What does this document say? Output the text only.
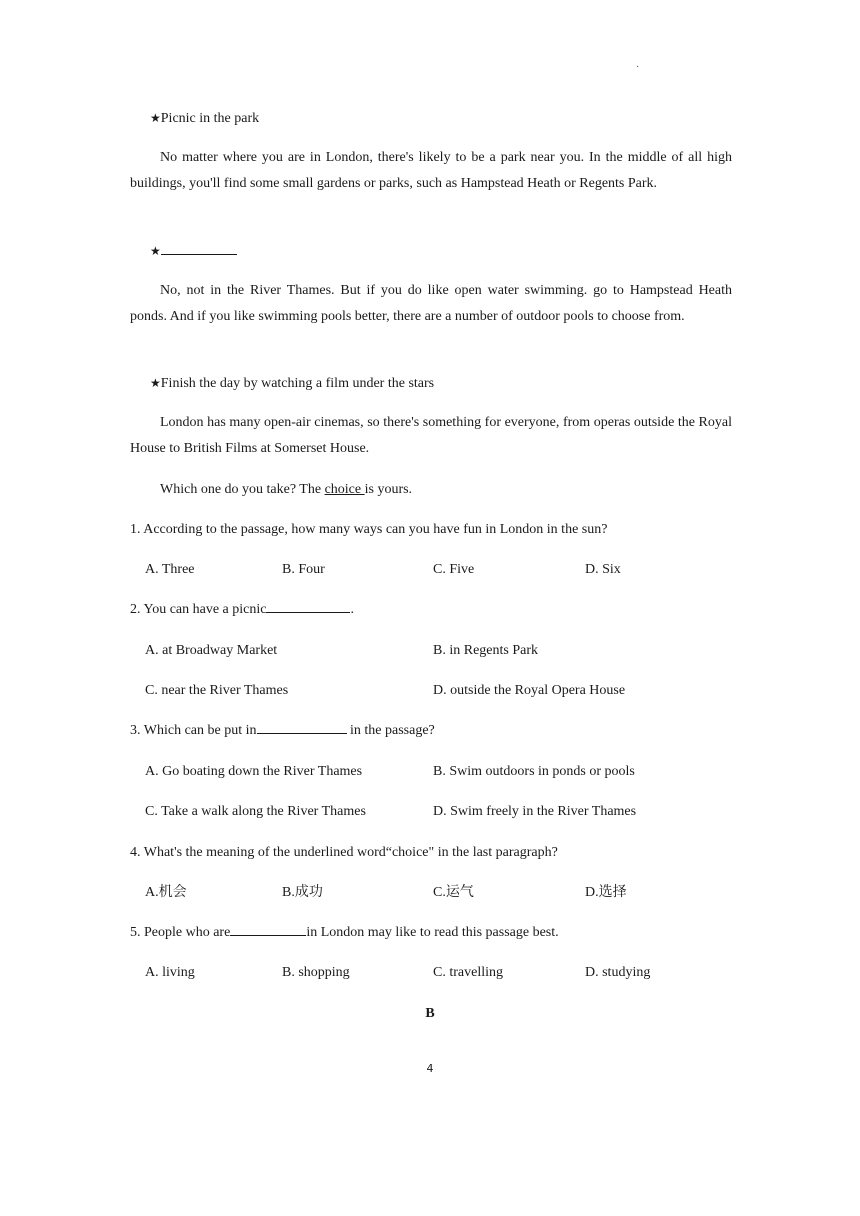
·
★Picnic in the park
No matter where you are in London, there's likely to be a park near you. In the middle of all high buildings, you'll find some small gardens or parks, such as Hampstead Heath or Regents Park.
★
No, not in the River Thames. But if you do like open water swimming. go to Hampstead Heath ponds. And if you like swimming pools better, there are a number of outdoor pools to choose from.
★Finish the day by watching a film under the stars
London has many open-air cinemas, so there's something for everyone, from operas outside the Royal House to British Films at Somerset House.
Which one do you take? The choice is yours.
1. According to the passage, how many ways can you have fun in London in the sun?
A. Three	B. Four	C. Five	D. Six
2. You can have a picnic	.
A. at Broadway Market	B. in Regents Park
C. near the River Thames	D. outside the Royal Opera House
3. Which can be put in	in the passage?
A. Go boating down the River Thames	B. Swim outdoors in ponds or pools
C. Take a walk along the River Thames	D. Swim freely in the River Thames
4. What's the meaning of the underlined word“choice" in the last paragraph?
A.机会	B.成功	C.运气	D.选择
5. People who are	in London may like to read this passage best.
A. living	B. shopping	C. travelling	D. studying
B
4
